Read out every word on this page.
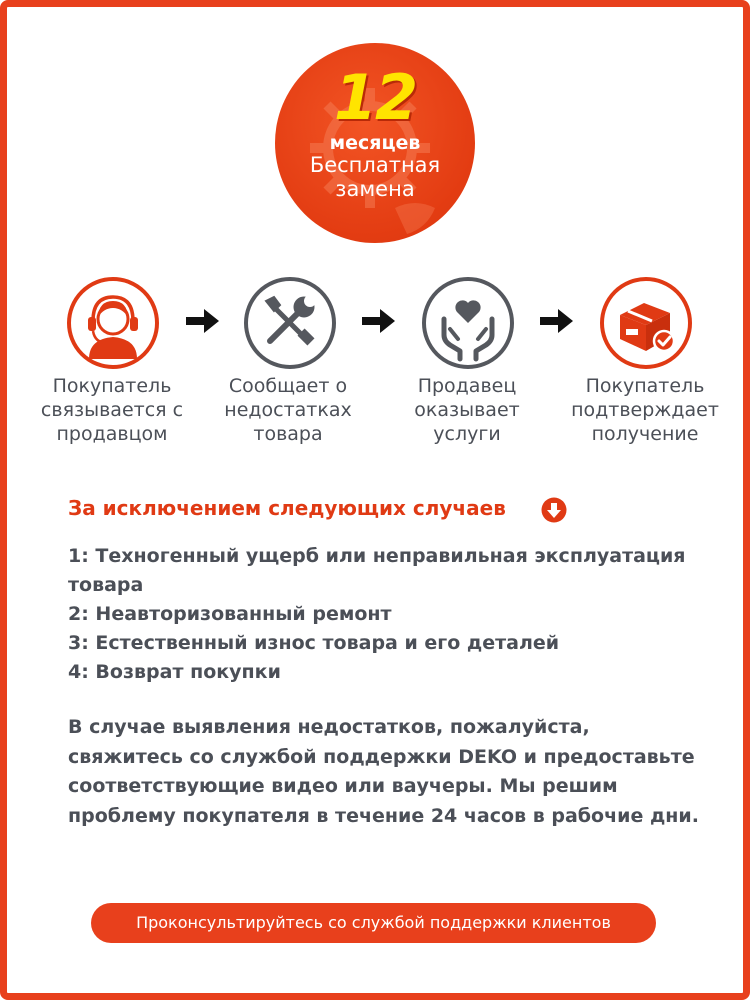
12
месяцев
Бесплатная
замена
Покупатель связывается с продавцом
Сообщает о недостатках товара
Продавец оказывает услуги
Покупатель подтверждает получение
За исключением следующих случаев
1: Техногенный ущерб или неправильная эксплуатация товара
2: Неавторизованный ремонт
3: Естественный износ товара и его деталей
4: Возврат покупки
В случае выявления недостатков, пожалуйста, свяжитесь со службой поддержки DEKO и предоставьте соответствующие видео или ваучеры. Мы решим проблему покупателя в течение 24 часов в рабочие дни.
Проконсультируйтесь со службой поддержки клиентов
